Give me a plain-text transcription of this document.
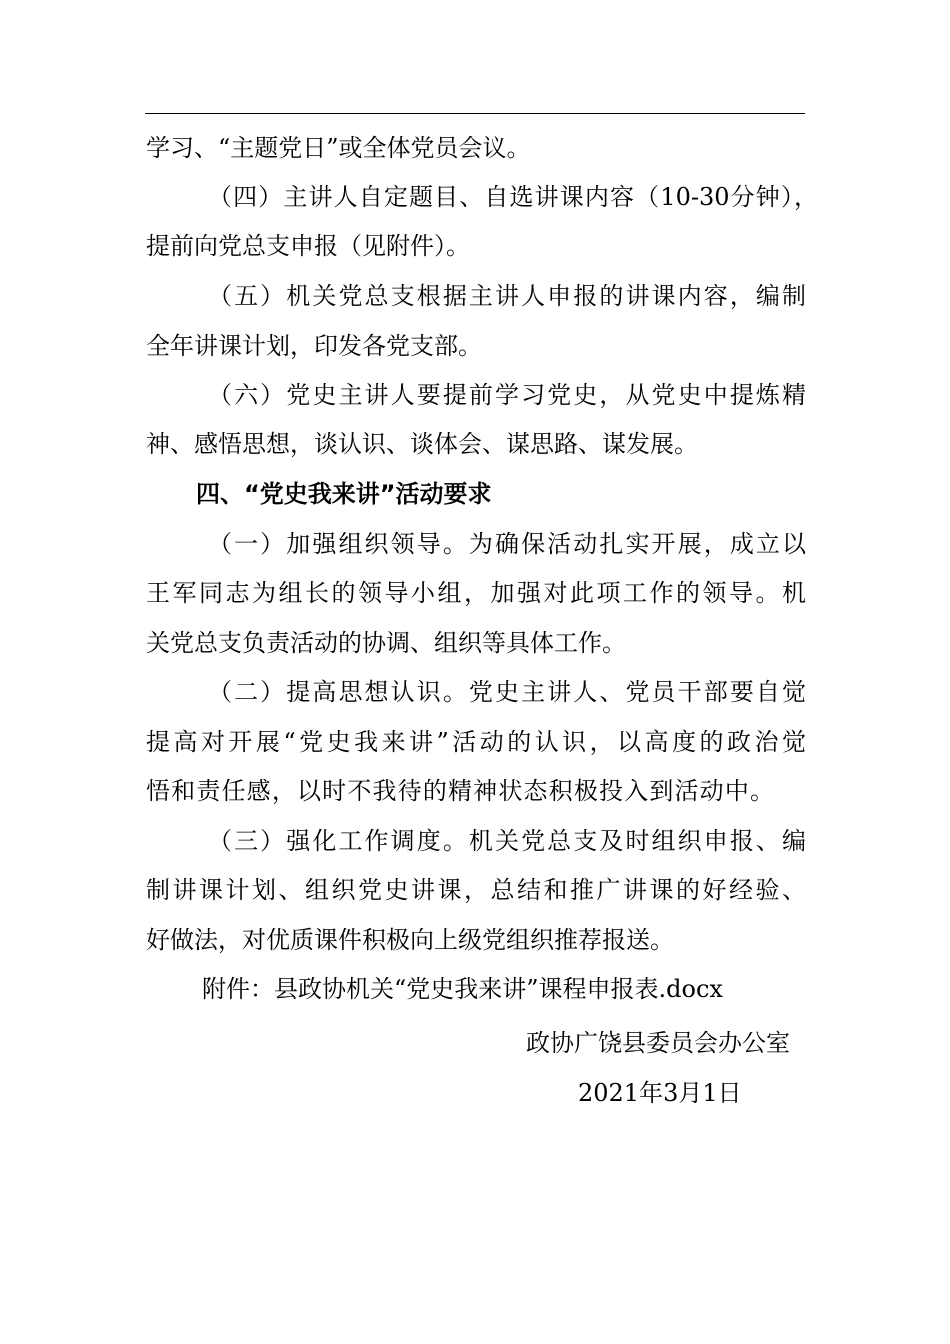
学习、“主题党日”或全体党员会议。
（四）主讲人自定题目、自选讲课内容（10-30分钟），
提前向党总支申报（见附件）。
（五）机关党总支根据主讲人申报的讲课内容，编制
全年讲课计划，印发各党支部。
（六）党史主讲人要提前学习党史，从党史中提炼精
神、感悟思想，谈认识、谈体会、谋思路、谋发展。
四、“党史我来讲”活动要求
（一）加强组织领导。为确保活动扎实开展，成立以
王军同志为组长的领导小组，加强对此项工作的领导。机
关党总支负责活动的协调、组织等具体工作。
（二）提高思想认识。党史主讲人、党员干部要自觉
提高对开展“党史我来讲”活动的认识，以高度的政治觉
悟和责任感，以时不我待的精神状态积极投入到活动中。
（三）强化工作调度。机关党总支及时组织申报、编
制讲课计划、组织党史讲课，总结和推广讲课的好经验、
好做法，对优质课件积极向上级党组织推荐报送。
附件：县政协机关“党史我来讲”课程申报表.docx
政协广饶县委员会办公室
2021年3月1日
